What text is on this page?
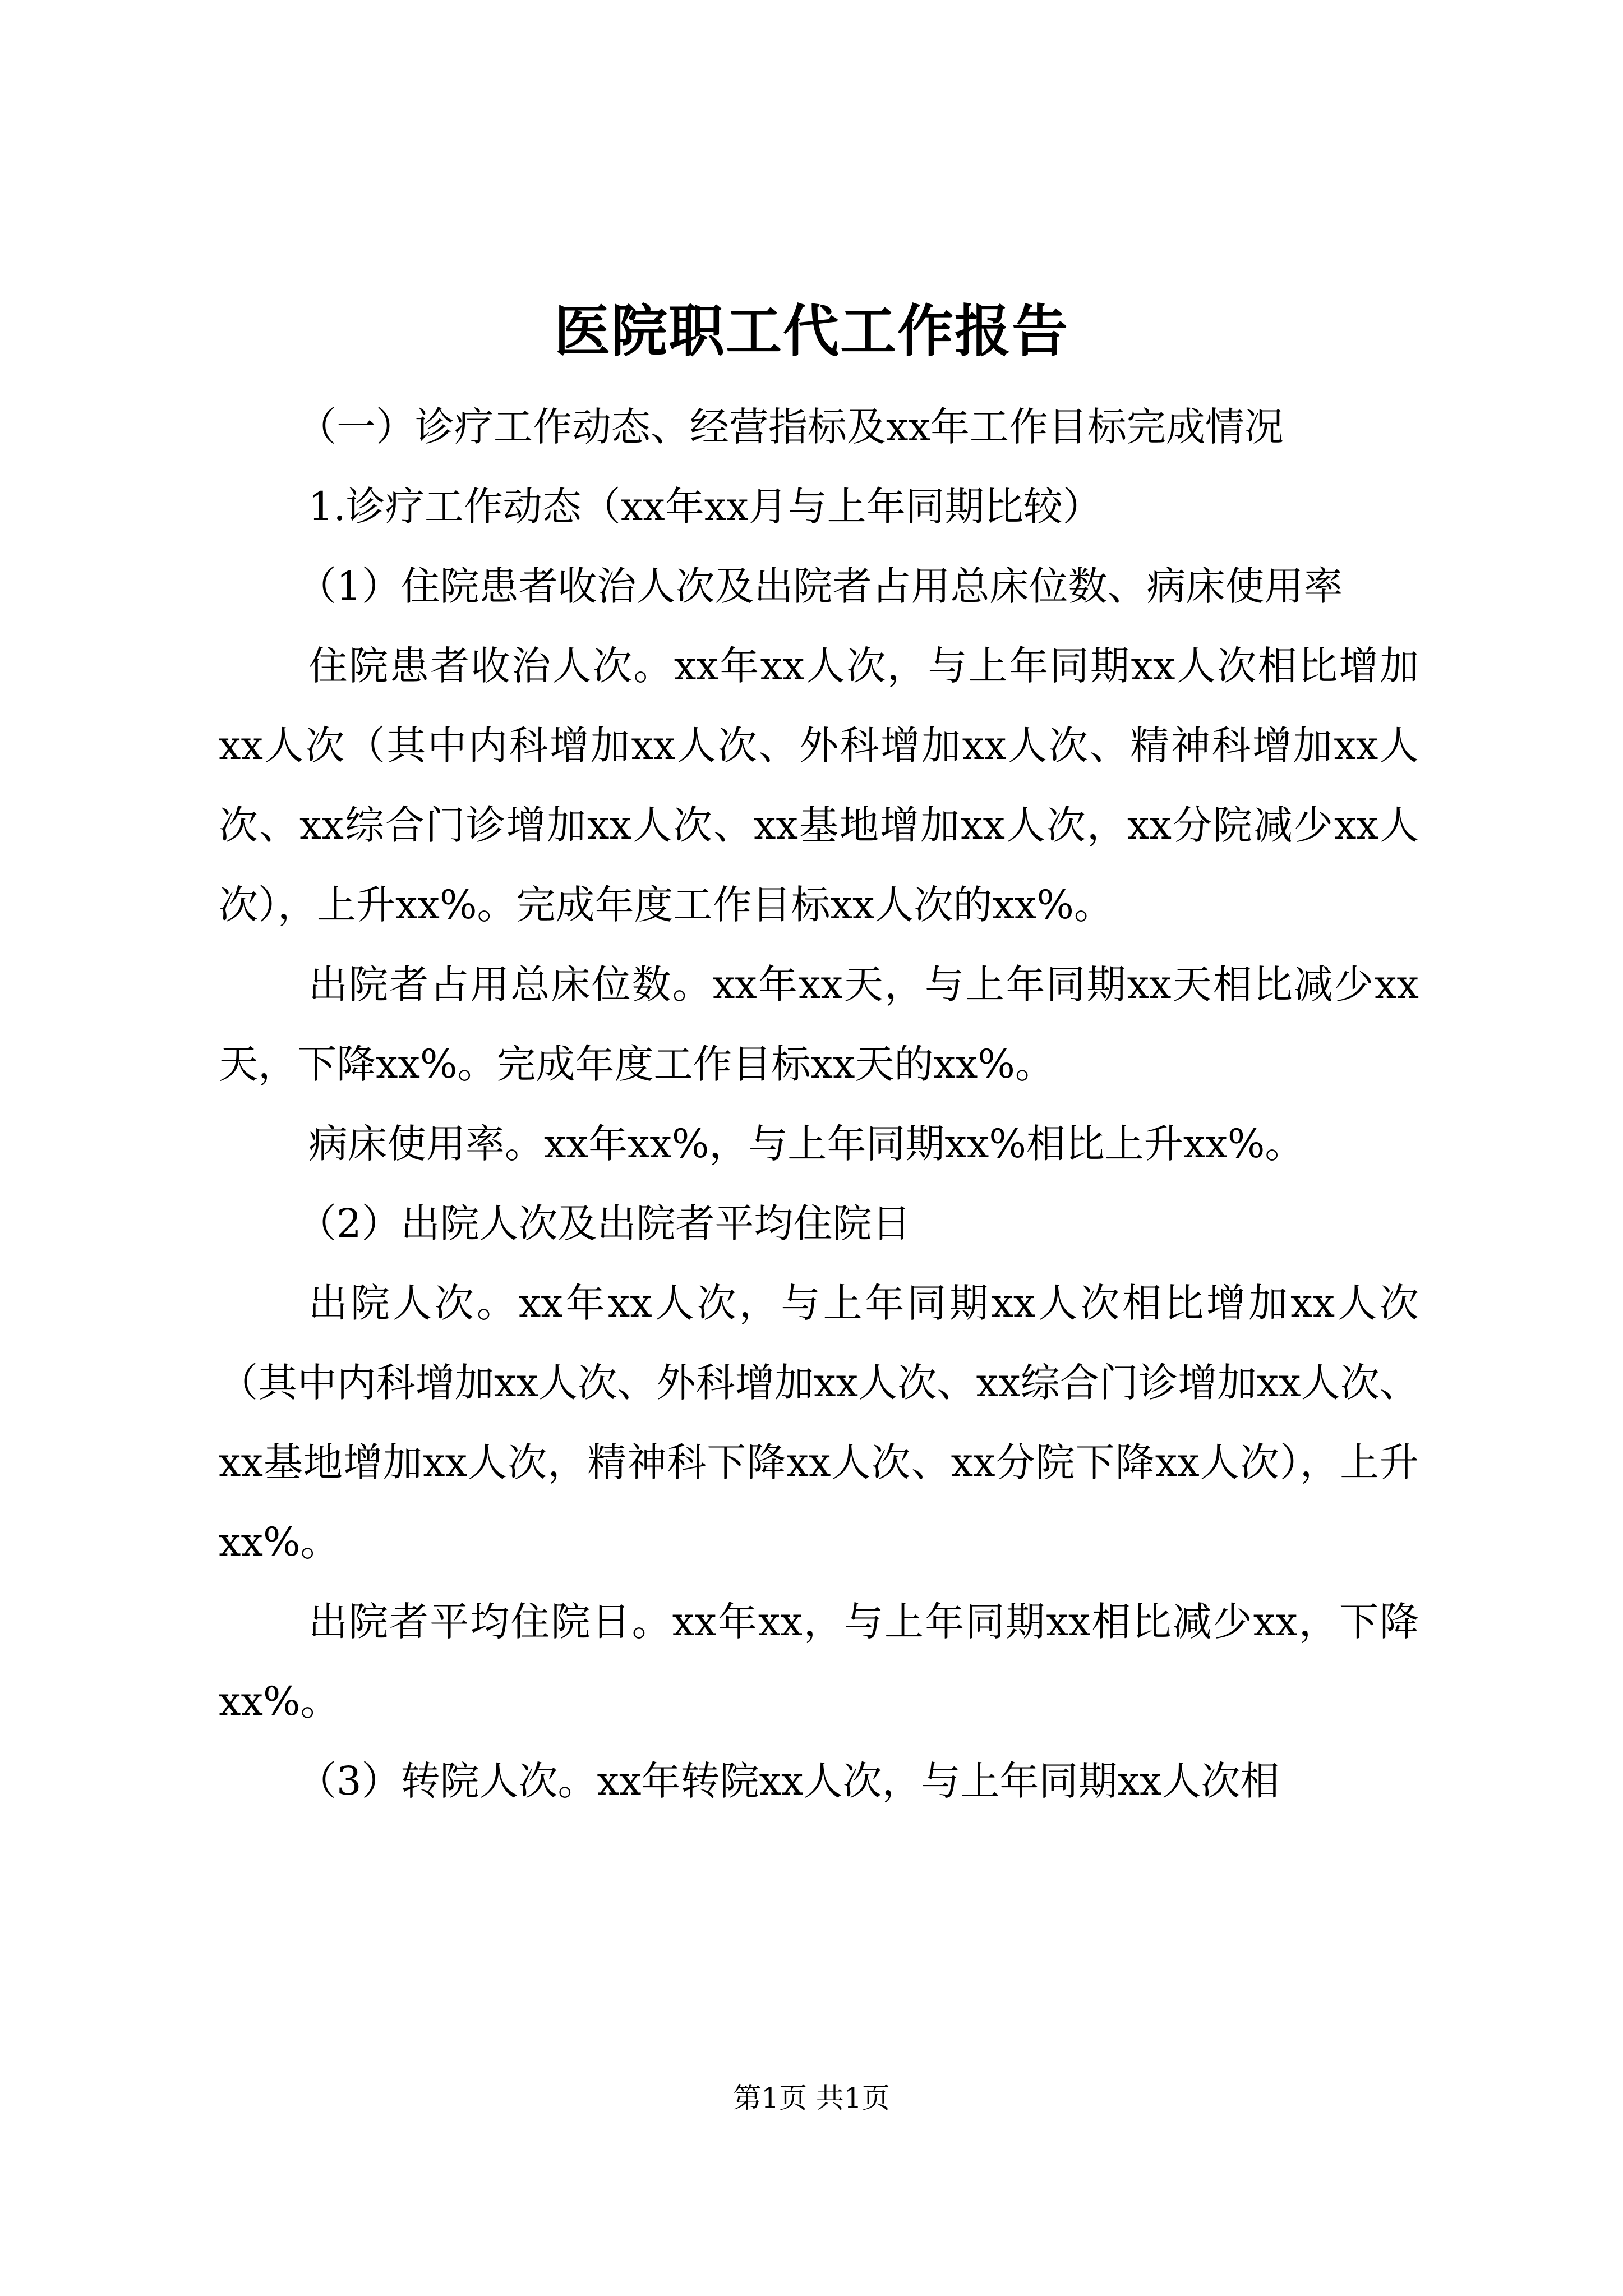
医院职工代工作报告

（一）诊疗工作动态、经营指标及xx年工作目标完成情况

1.诊疗工作动态（xx年xx月与上年同期比较）

（1）住院患者收治人次及出院者占用总床位数、病床使用率

住院患者收治人次。xx年xx人次，与上年同期xx人次相比增加xx人次（其中内科增加xx人次、外科增加xx人次、精神科增加xx人次、xx综合门诊增加xx人次、xx基地增加xx人次，xx分院减少xx人次），上升xx%。完成年度工作目标xx人次的xx%。

出院者占用总床位数。xx年xx天，与上年同期xx天相比减少xx天，下降xx%。完成年度工作目标xx天的xx%。

病床使用率。xx年xx%，与上年同期xx%相比上升xx%。

（2）出院人次及出院者平均住院日

出院人次。xx年xx人次，与上年同期xx人次相比增加xx人次（其中内科增加xx人次、外科增加xx人次、xx综合门诊增加xx人次、xx基地增加xx人次，精神科下降xx人次、xx分院下降xx人次），上升xx%。

出院者平均住院日。xx年xx，与上年同期xx相比减少xx，下降xx%。

（3）转院人次。xx年转院xx人次，与上年同期xx人次相

第1页 共1页
